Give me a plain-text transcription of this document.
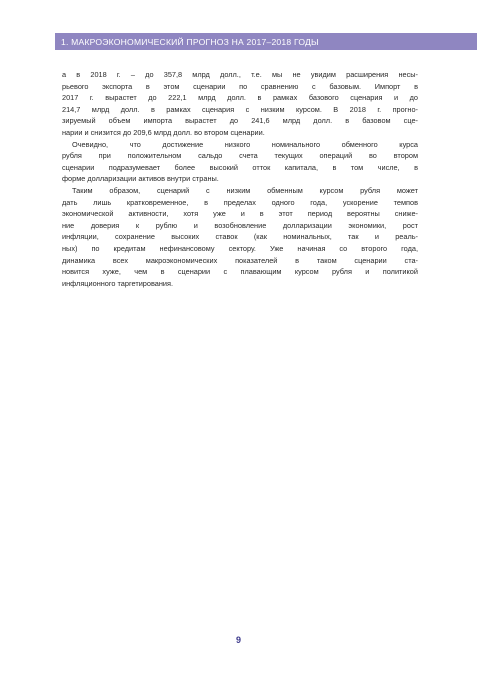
1. МАКРОЭКОНОМИЧЕСКИЙ ПРОГНОЗ НА 2017–2018 ГОДЫ
а в 2018 г. – до 357,8 млрд долл., т.е. мы не увидим расширения несы-
рьевого экспорта в этом сценарии по сравнению с базовым. Импорт в
2017 г. вырастет до 222,1 млрд долл. в рамках базового сценария и до
214,7 млрд долл. в рамках сценария с низким курсом. В 2018 г. прогно-
зируемый объем импорта вырастет до 241,6 млрд долл. в базовом сце-
нарии и снизится до 209,6 млрд долл. во втором сценарии.
Очевидно, что достижение низкого номинального обменного курса
рубля при положительном сальдо счета текущих операций во втором
сценарии подразумевает более высокий отток капитала, в том числе, в
форме долларизации активов внутри страны.
Таким образом, сценарий с низким обменным курсом рубля может
дать лишь кратковременное, в пределах одного года, ускорение темпов
экономической активности, хотя уже и в этот период вероятны сниже-
ние доверия к рублю и возобновление долларизации экономики, рост
инфляции, сохранение высоких ставок (как номинальных, так и реаль-
ных) по кредитам нефинансовому сектору. Уже начиная со второго года,
динамика всех макроэкономических показателей в таком сценарии ста-
новится хуже, чем в сценарии с плавающим курсом рубля и политикой
инфляционного таргетирования.
9
